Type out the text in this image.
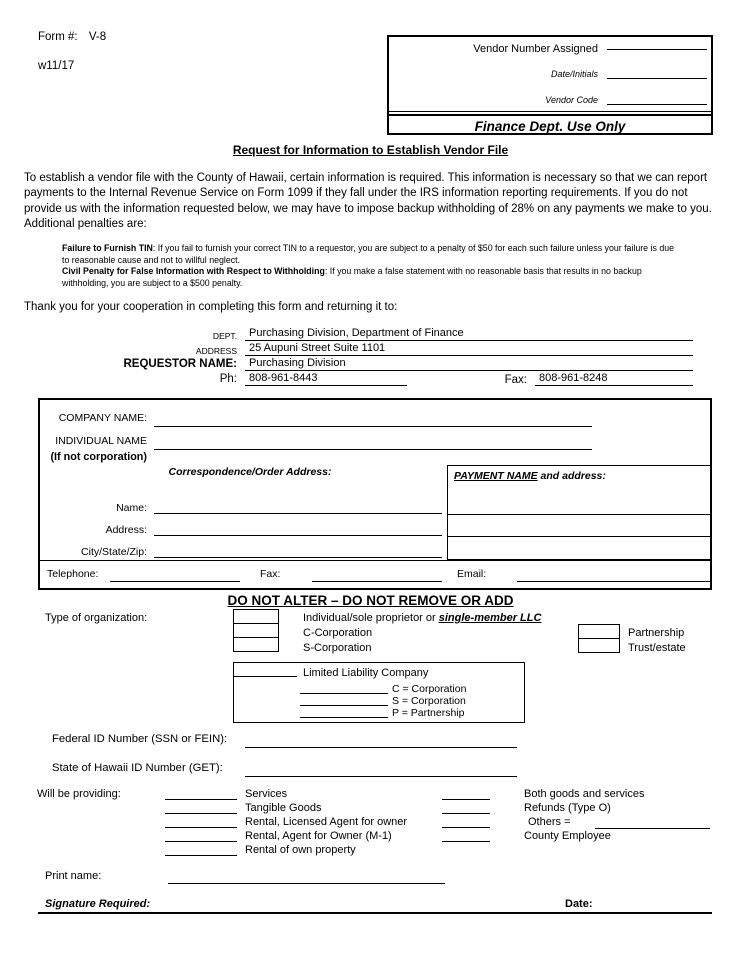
Form #: V-8
w11/17
Vendor Number Assigned
Date/Initials
Vendor Code
Finance Dept. Use Only
Request for Information to Establish Vendor File
To establish a vendor file with the County of Hawaii, certain information is required. This information is necessary so that we can report payments to the Internal Revenue Service on Form 1099 if they fall under the IRS information reporting requirements. If you do not provide us with the information requested below, we may have to impose backup withholding of 28% on any payments we make to you. Additional penalties are:
Failure to Furnish TIN: If you fail to furnish your correct TIN to a requestor, you are subject to a penalty of $50 for each such failure unless your failure is due to reasonable cause and not to willful neglect.
Civil Penalty for False Information with Respect to Withholding: If you make a false statement with no reasonable basis that results in no backup withholding, you are subject to a $500 penalty.
Thank you for your cooperation in completing this form and returning it to:
DEPT.	Purchasing Division, Department of Finance
ADDRESS	25 Aupuni Street Suite 1101
REQUESTOR NAME:	Purchasing Division
Ph:	808-961-8443	Fax:	808-961-8248
COMPANY NAME:
INDIVIDUAL NAME
(If not corporation)
Correspondence/Order Address:	PAYMENT NAME and address:
Name:
Address:
City/State/Zip:
Telephone:	Fax:	Email:
DO NOT ALTER – DO NOT REMOVE OR ADD
Type of organization:	Individual/sole proprietor or single-member LLC
C-Corporation
S-Corporation
Partnership
Trust/estate
Limited Liability Company
C = Corporation
S = Corporation
P = Partnership
Federal ID Number (SSN or FEIN):
State of Hawaii ID Number (GET):
Will be providing:	Services
Tangible Goods
Rental, Licensed Agent for owner
Rental, Agent for Owner (M-1)
Rental of own property
Both goods and services
Refunds (Type O)
Others =
County Employee
Print name:
Signature Required:	Date:
